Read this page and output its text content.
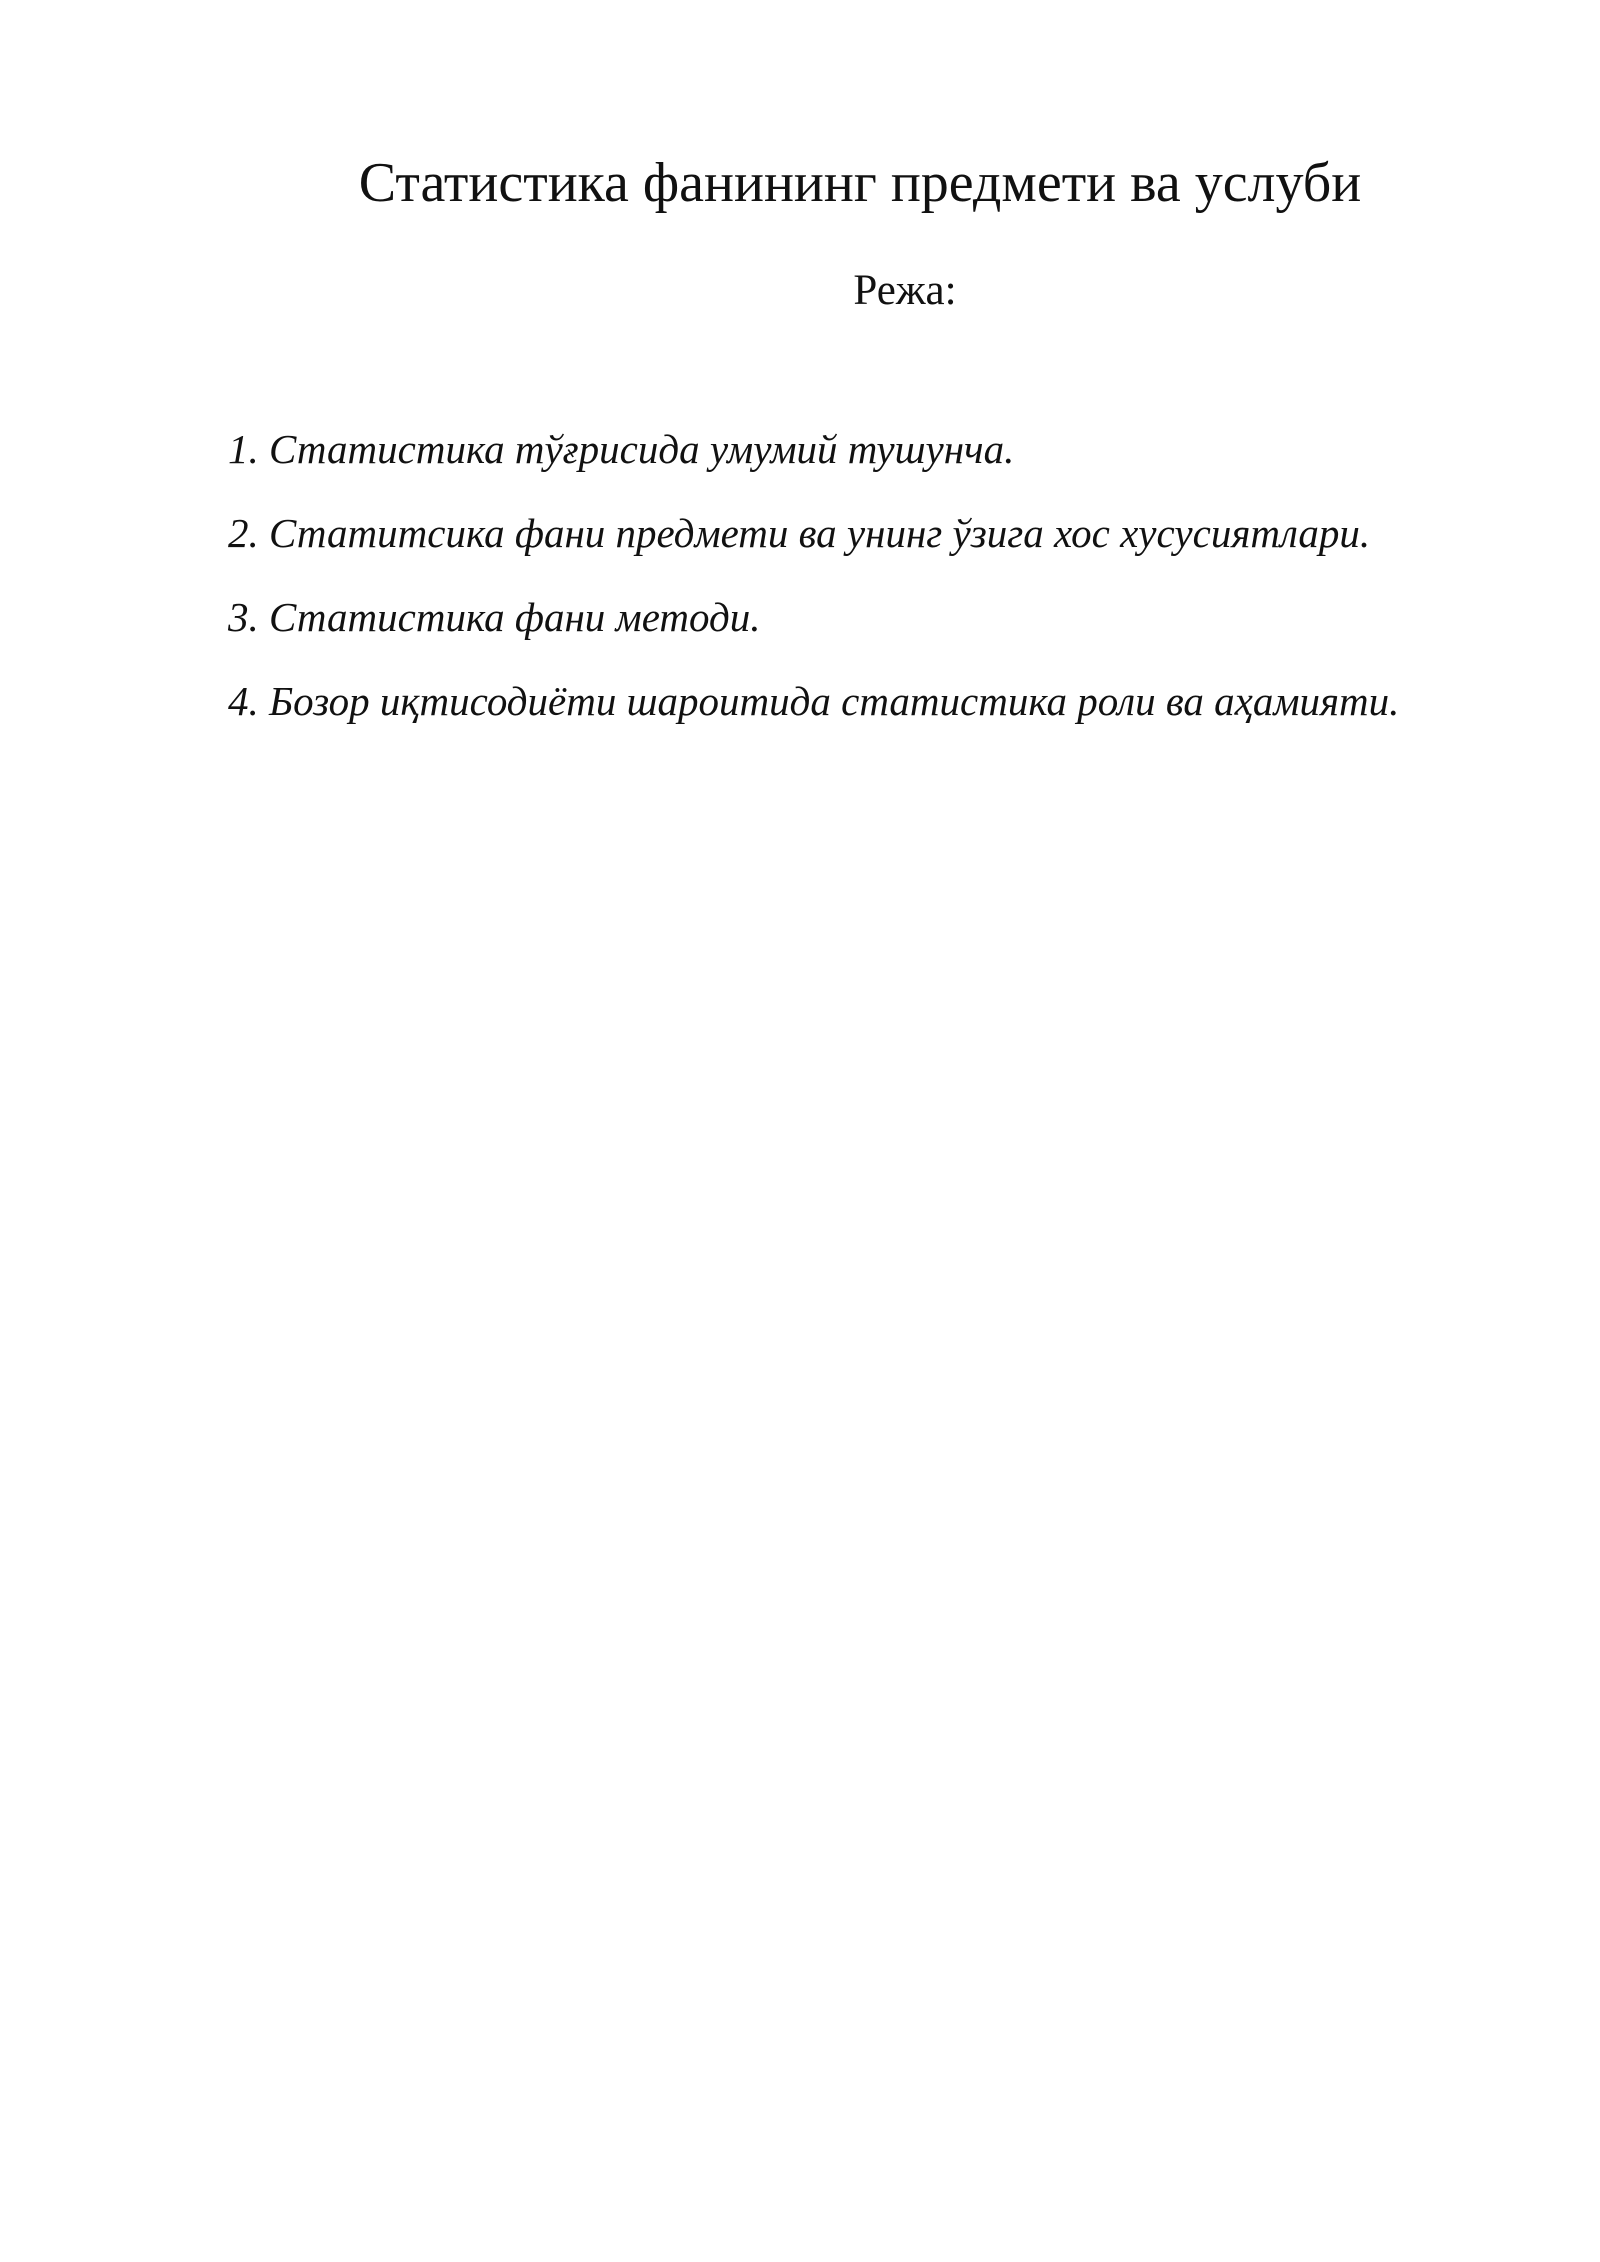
Статистика фанининг предмети ва услуби
Режа:
1. Статистика тўғрисида умумий тушунча.
2. Статитсика фани предмети ва унинг ўзига хос хусусиятлари.
3. Статистика фани методи.
4. Бозор иқтисодиёти шароитида статистика роли ва аҳамияти.
